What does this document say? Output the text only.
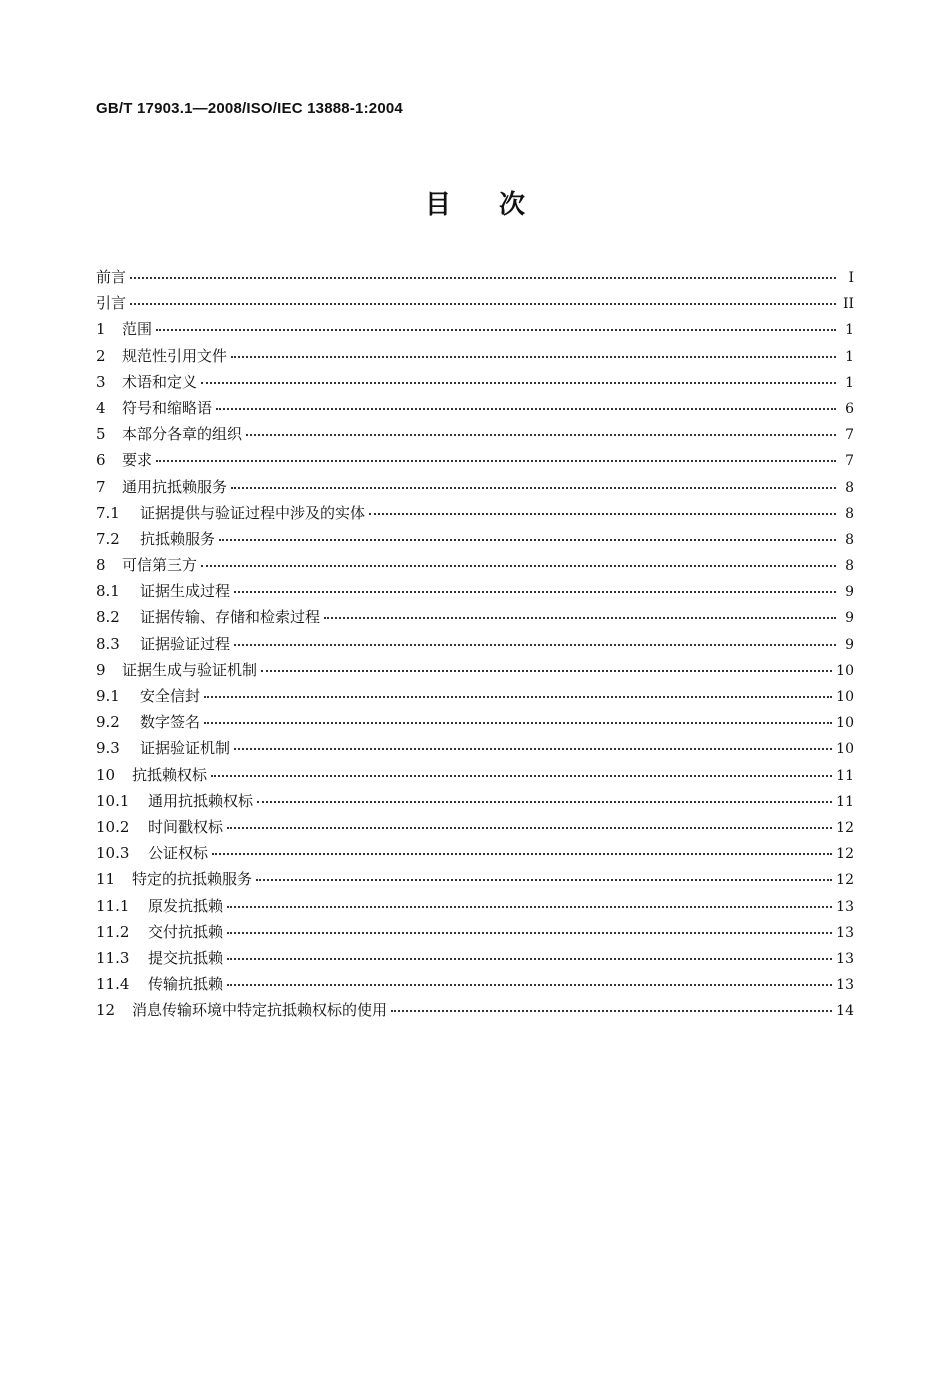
GB/T 17903.1—2008/ISO/IEC 13888-1:2004
目次
前言	I
引言	II
1	范围	1
2	规范性引用文件	1
3	术语和定义	1
4	符号和缩略语	6
5	本部分各章的组织	7
6	要求	7
7	通用抗抵赖服务	8
7.1	证据提供与验证过程中涉及的实体	8
7.2	抗抵赖服务	8
8	可信第三方	8
8.1	证据生成过程	9
8.2	证据传输、存储和检索过程	9
8.3	证据验证过程	9
9	证据生成与验证机制	10
9.1	安全信封	10
9.2	数字签名	10
9.3	证据验证机制	10
10	抗抵赖权标	11
10.1	通用抗抵赖权标	11
10.2	时间戳权标	12
10.3	公证权标	12
11	特定的抗抵赖服务	12
11.1	原发抗抵赖	13
11.2	交付抗抵赖	13
11.3	提交抗抵赖	13
11.4	传输抗抵赖	13
12	消息传输环境中特定抗抵赖权标的使用	14
